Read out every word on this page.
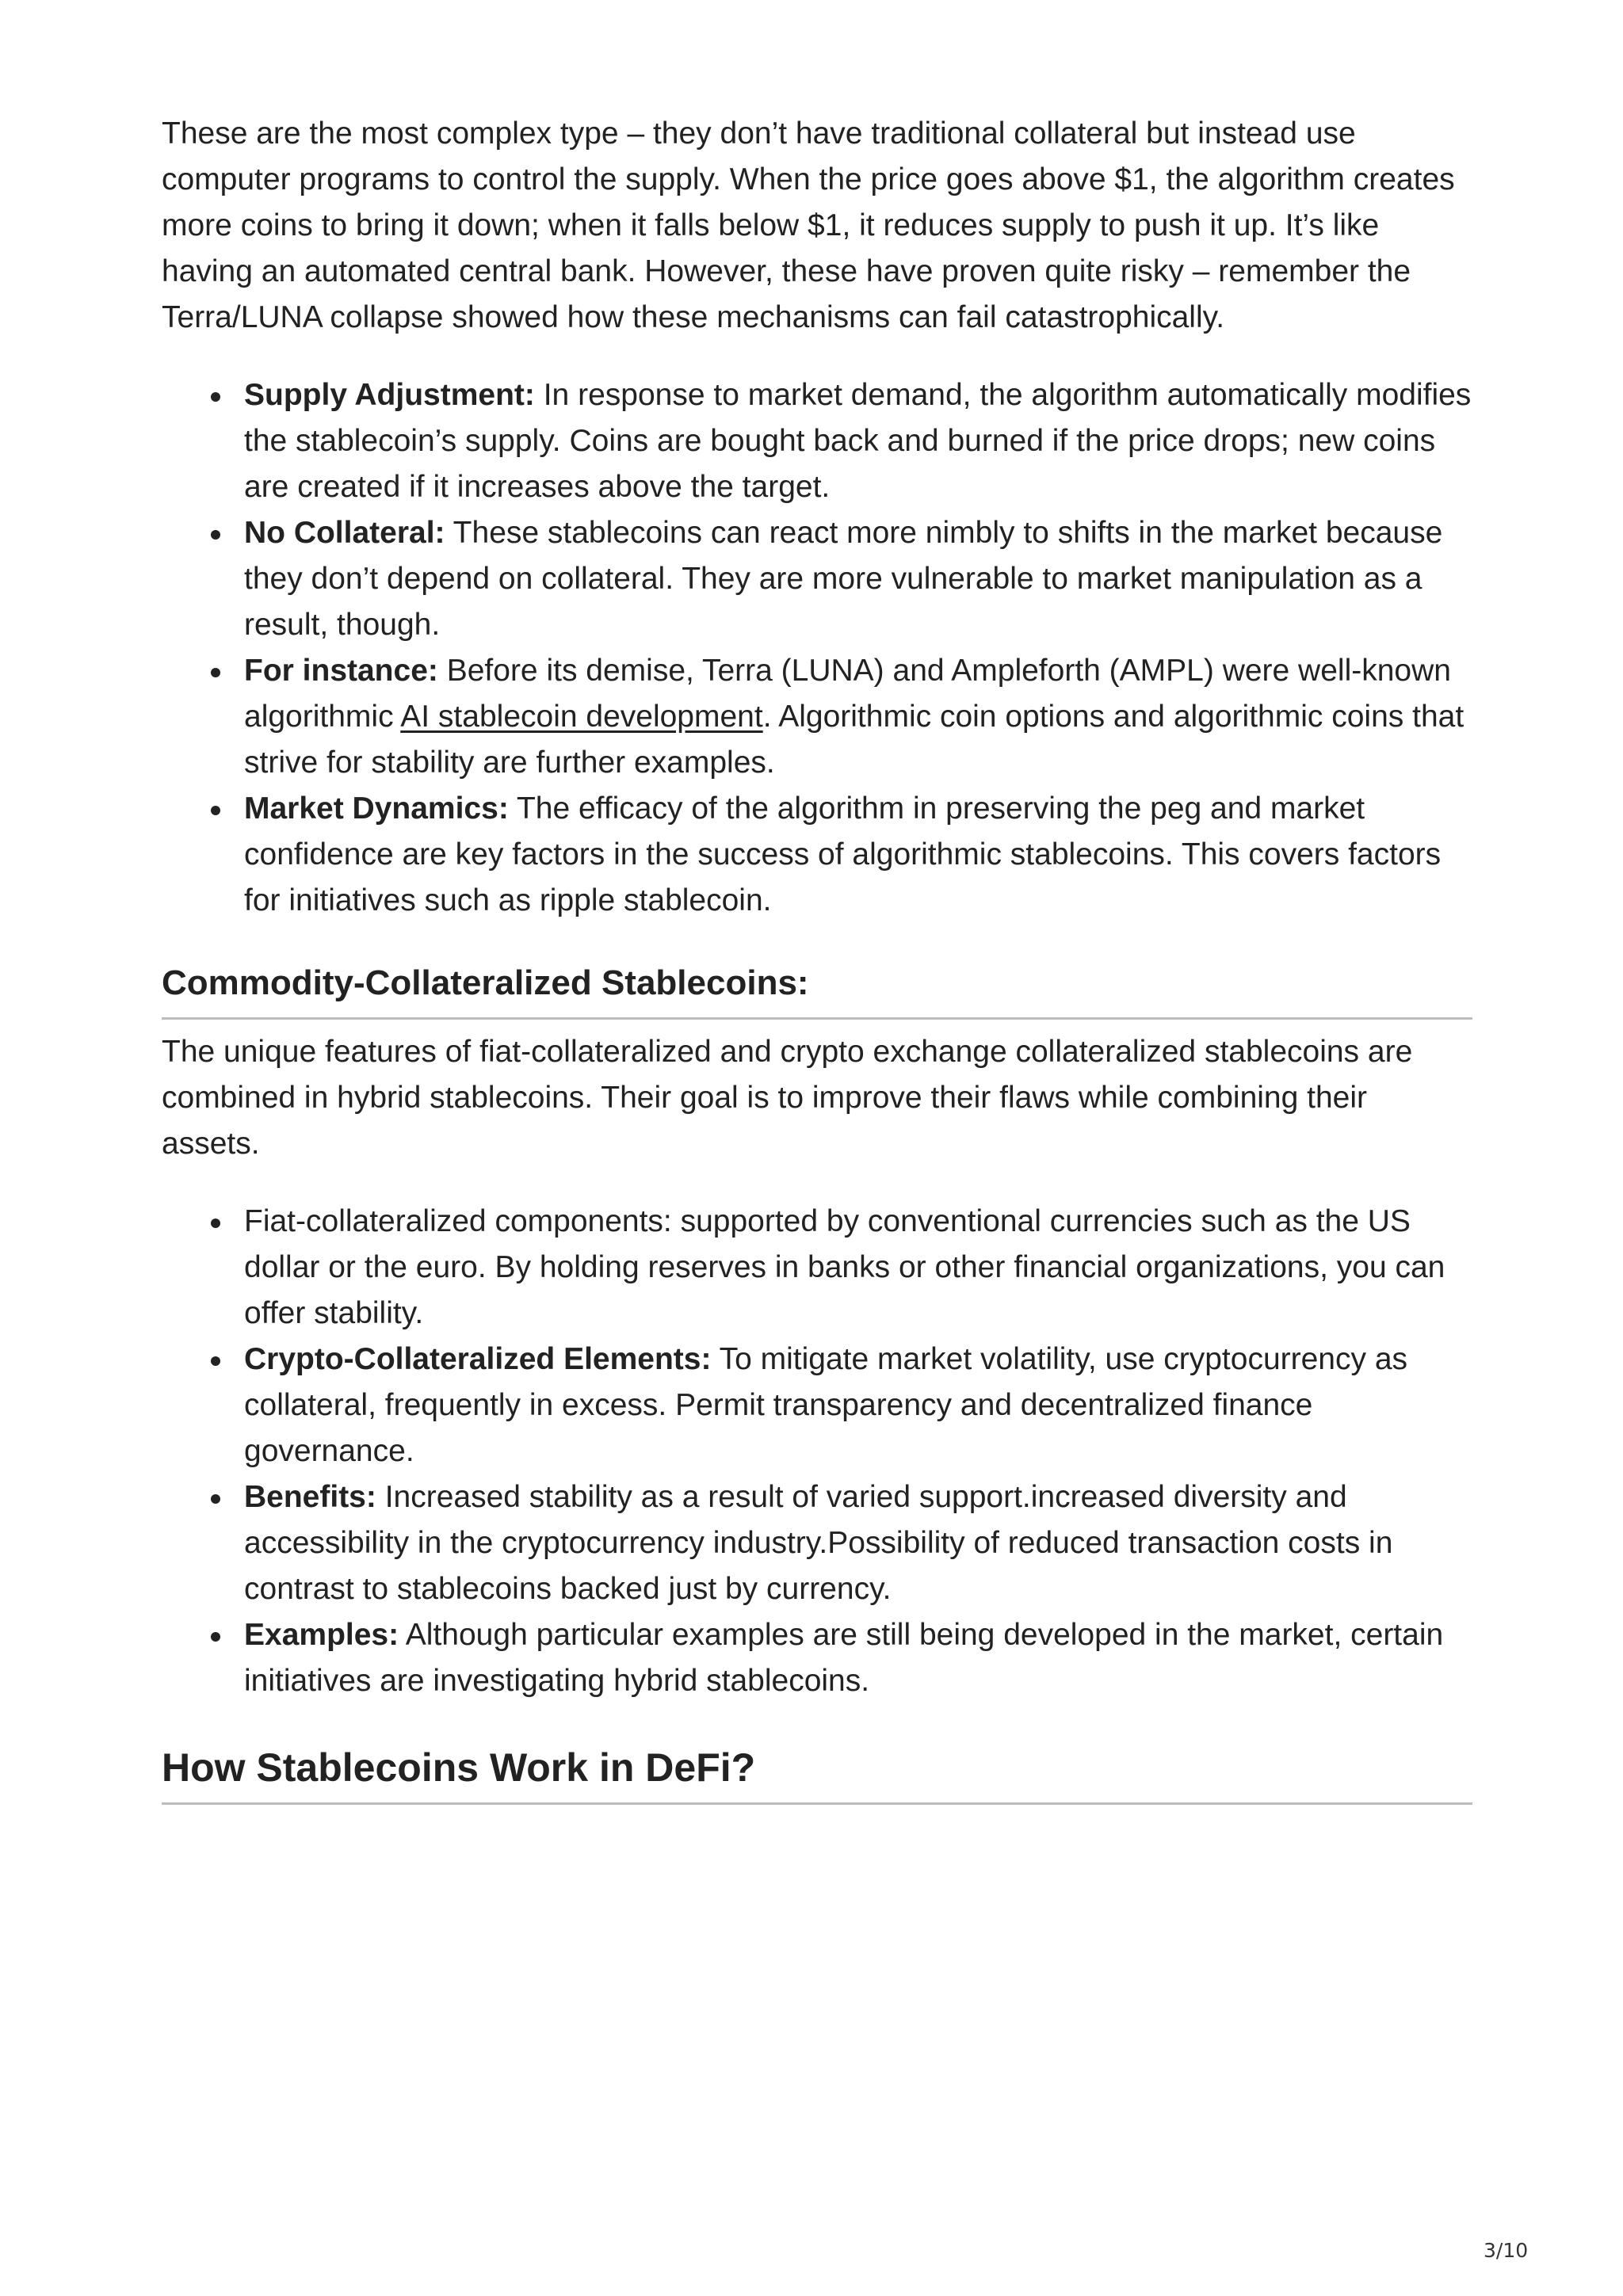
These are the most complex type – they don’t have traditional collateral but instead use computer programs to control the supply. When the price goes above $1, the algorithm creates more coins to bring it down; when it falls below $1, it reduces supply to push it up. It’s like having an automated central bank. However, these have proven quite risky – remember the Terra/LUNA collapse showed how these mechanisms can fail catastrophically.

Supply Adjustment: In response to market demand, the algorithm automatically modifies the stablecoin’s supply. Coins are bought back and burned if the price drops; new coins are created if it increases above the target.
No Collateral: These stablecoins can react more nimbly to shifts in the market because they don’t depend on collateral. They are more vulnerable to market manipulation as a result, though.
For instance: Before its demise, Terra (LUNA) and Ampleforth (AMPL) were well-known algorithmic AI stablecoin development. Algorithmic coin options and algorithmic coins that strive for stability are further examples.
Market Dynamics: The efficacy of the algorithm in preserving the peg and market confidence are key factors in the success of algorithmic stablecoins. This covers factors for initiatives such as ripple stablecoin.
Commodity-Collateralized Stablecoins:

The unique features of fiat-collateralized and crypto exchange collateralized stablecoins are combined in hybrid stablecoins. Their goal is to improve their flaws while combining their assets.

Fiat-collateralized components: supported by conventional currencies such as the US dollar or the euro. By holding reserves in banks or other financial organizations, you can offer stability.
Crypto-Collateralized Elements: To mitigate market volatility, use cryptocurrency as collateral, frequently in excess. Permit transparency and decentralized finance governance.
Benefits: Increased stability as a result of varied support.increased diversity and accessibility in the cryptocurrency industry.Possibility of reduced transaction costs in contrast to stablecoins backed just by currency.
Examples: Although particular examples are still being developed in the market, certain initiatives are investigating hybrid stablecoins.
How Stablecoins Work in DeFi?
3/10
